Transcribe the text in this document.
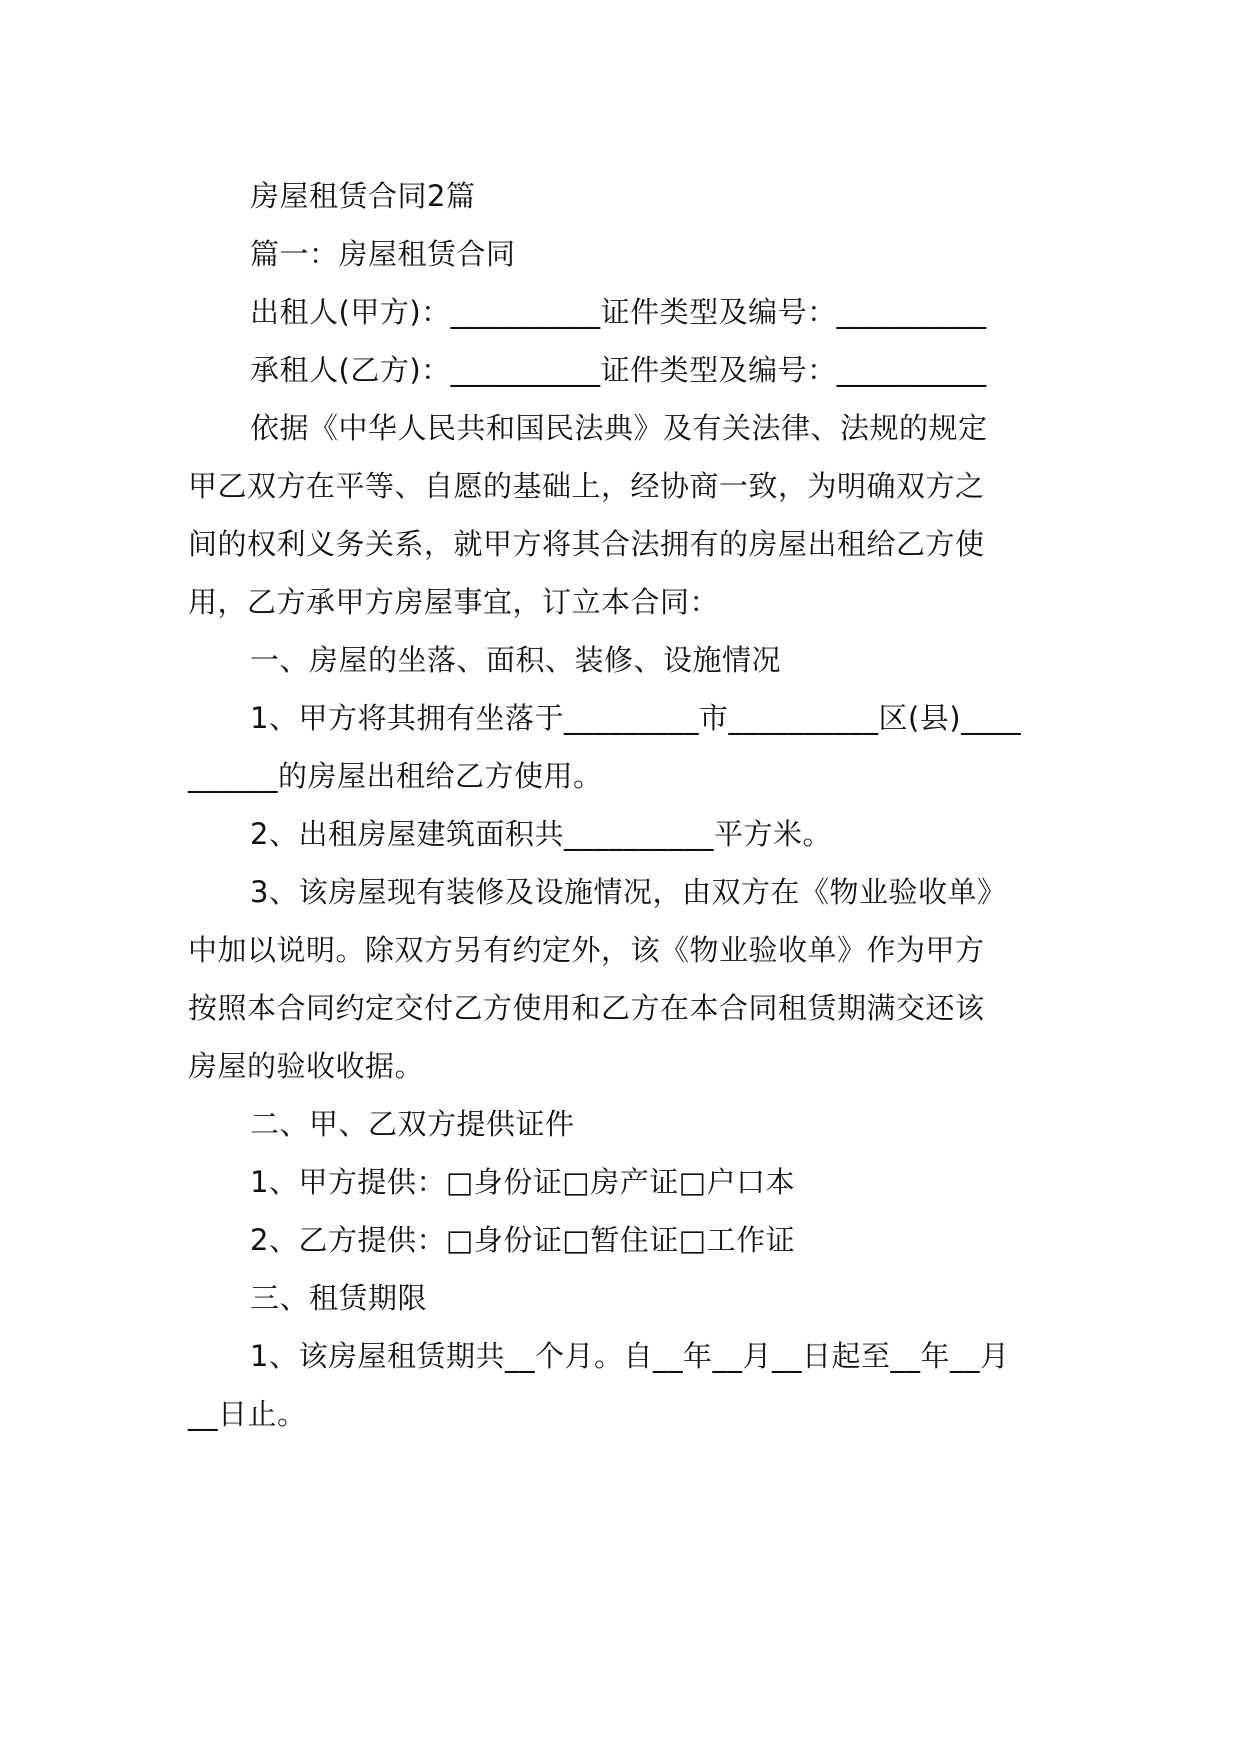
房屋租赁合同2篇
篇一：房屋租赁合同
出租人(甲方)：__________证件类型及编号：__________
承租人(乙方)：__________证件类型及编号：__________
依据《中华人民共和国民法典》及有关法律、法规的规定
甲乙双方在平等、自愿的基础上，经协商一致，为明确双方之
间的权利义务关系，就甲方将其合法拥有的房屋出租给乙方使
用，乙方承甲方房屋事宜，订立本合同：
一、房屋的坐落、面积、装修、设施情况
1、甲方将其拥有坐落于_________市__________区(县)____
______的房屋出租给乙方使用。
2、出租房屋建筑面积共__________平方米。
3、该房屋现有装修及设施情况，由双方在《物业验收单》
中加以说明。除双方另有约定外，该《物业验收单》作为甲方
按照本合同约定交付乙方使用和乙方在本合同租赁期满交还该
房屋的验收收据。
二、甲、乙双方提供证件
1、甲方提供：□身份证□房产证□户口本
2、乙方提供：□身份证□暂住证□工作证
三、租赁期限
1、该房屋租赁期共__个月。自__年__月__日起至__年__月
__日止。
